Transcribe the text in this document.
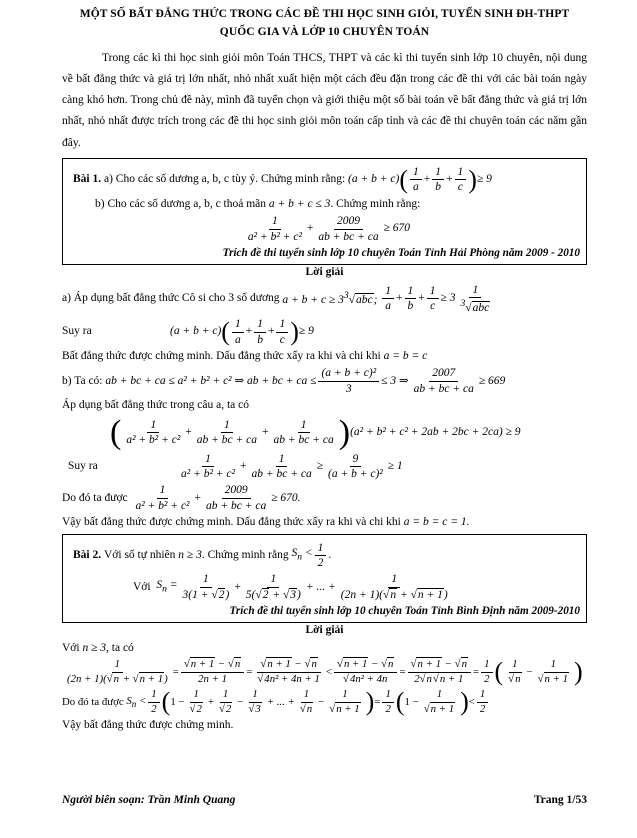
MỘT SỐ BẤT ĐẲNG THỨC TRONG CÁC ĐỀ THI HỌC SINH GIỎI, TUYỂN SINH ĐH-THPT
QUỐC GIA VÀ LỚP 10 CHUYÊN TOÁN
Trong các kì thi học sinh giỏi môn Toán THCS, THPT và các kì thi tuyển sinh lớp 10 chuyên, nội dung về bất đẳng thức và giá trị lớn nhất, nhỏ nhất xuất hiện một cách đều đặn trong các đề thi với các bài toán ngày càng khó hơn. Trong chủ đề này, mình đã tuyển chọn và giới thiệu một số bài toán về bất đẳng thức và giá trị lớn nhất, nhỏ nhất được trích trong các đề thi học sinh giỏi môn toán cấp tỉnh và các đề thi chuyên toán các năm gần đây.
Bài 1.
a) Cho các số dương a, b, c tùy ý. Chứng minh rằng:
(a + b + c) ( $\frac{1}{a} + \frac{1}{b} + \frac{1}{c}$ ) ≥ 9
b) Cho các số dương a, b, c thoả mãn
a + b + c ≤ 3 . Chứng minh rằng:
$\frac{1}{\text{a² + b² + c²}} + \frac{2009}{ab + bc + ca} \ge 670$
Trích đề thi tuyển sinh lớp 10 chuyên Toán Tỉnh Hải Phòng năm 2009 - 2010
Lời giải
a) Áp dụng bất đẳng thức Cô si cho 3 số dương
$a + b + c \ge 3^3√abc$;
$\frac{1}{a} + \frac{1}{b} + \frac{1}{c} \ge 3 \frac{1}{^3√abc}$
Suy ra	(a + b + c) ( $\frac{1}{a} + \frac{1}{b} + \frac{1}{c}$ ) ≥ 9
Bất đẳng thức được chứng minh. Dấu đẳng thức xẩy ra khi và chi khi
a = b = c
b) Ta có:
ab + bc + ca ≤ a² + b² + c² ⇒ ab + bc + ca ≤ $\frac{\text{(a + b + c)²}}{3} \le 3$ ⇒ $\frac{2007}{ab + bc + ca} \ge 669$
Áp dụng bất đẳng thức trong câu a, ta có
( $\frac{1}{\text{a² + b² + c²}} + \frac{1}{ab + bc + ca} + \frac{1}{ab + bc + ca}$ ) (a² + b² + c² + 2ab + 2bc + 2ca) ≥ 9
Suy ra	$\frac{1}{\text{a² + b² + c²}} + \frac{1}{ab + bc + ca} \ge \frac{9}{\text{(a + b + c)²}} \ge 1$
Do đó ta được
$\frac{1}{\text{a² + b² + c²}} + \frac{2009}{ab + bc + ca} \ge 670$.
Vậy bất đẳng thức được chứng minh. Dấu đẳng thức xẩy ra khi và chi khi
a = b = c = 1.
Bài 2.
Với số tự nhiên
n ≥ 3 . Chứng minh rằng
$S_n < \frac{1}{2}$ .
Với
$S_n = \frac{1}{3(1 + √2)} + \frac{1}{5(√2 + √3)}$ + ... + $\frac{1}{(2n + 1)(√n + √n + 1)}$
Trích đề thi tuyển sinh lớp 10 chuyên Toán Tỉnh Bình Định năm 2009-2010
Lời giải
Với
n ≥ 3 , ta có
$\frac{1}{(2n + 1)(√n + √n + 1)} = \frac{√n + 1 - √n}{2n + 1} = \frac{√n + 1 - √n}{\text{√4n² + 4n + 1}} < \frac{√n + 1 - √n}{\text{√4n² + 4n}} = \frac{√n + 1 - √n}{2√n√n + 1} = \frac{1}{2}$ ( $\frac{1}{√n} - \frac{1}{√n + 1}$ )
Do đó ta được
$S_n < \frac{1}{2}$ ( $1 - \frac{1}{√2} + \frac{1}{√2} - \frac{1}{√3}$ + ... + $\frac{1}{√n} - \frac{1}{√n + 1}$ ) = $\frac{1}{2}$ ( $1 - \frac{1}{√n + 1}$ ) < $\frac{1}{2}$
Vậy bất đẳng thức được chứng minh.
Người biên soạn: Trần Minh Quang	Trang 1/53
